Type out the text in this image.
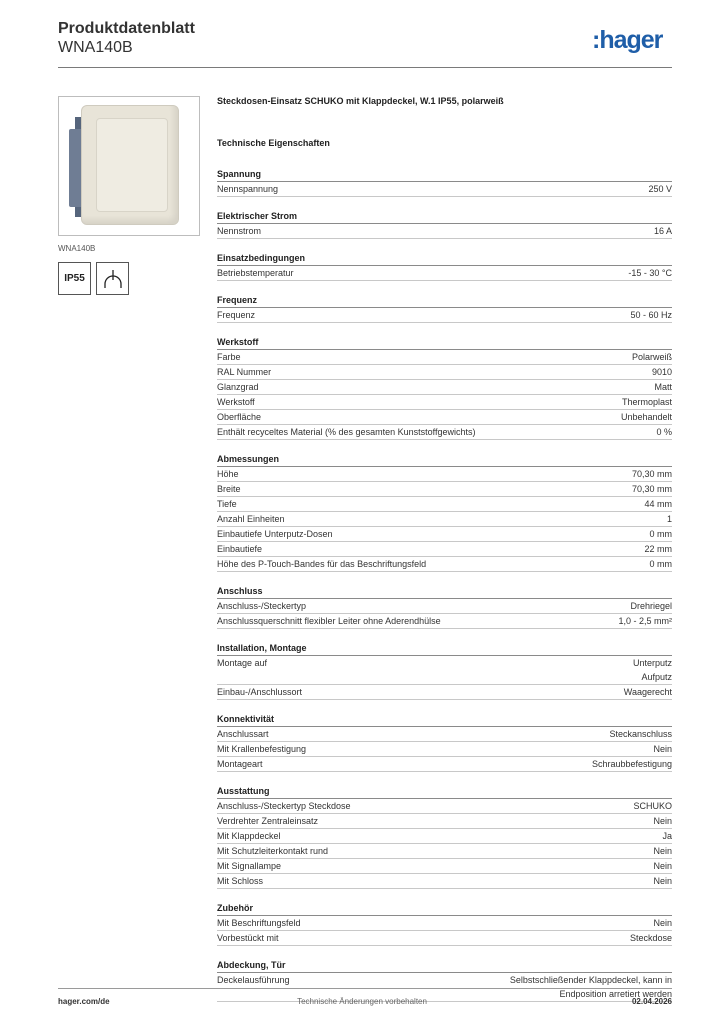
Produktdatenblatt
WNA140B	:hager
WNA140B
IP55
Steckdosen-Einsatz SCHUKO mit Klappdeckel, W.1 IP55, polarweiß
Technische Eigenschaften
Spannung
Nennspannung	250 V
Elektrischer Strom
Nennstrom	16 A
Einsatzbedingungen
Betriebstemperatur	-15 - 30 °C
Frequenz
Frequenz	50 - 60 Hz
Werkstoff
Farbe	Polarweiß
RAL Nummer	9010
Glanzgrad	Matt
Werkstoff	Thermoplast
Oberfläche	Unbehandelt
Enthält recyceltes Material (% des gesamten Kunststoffgewichts)	0 %
Abmessungen
Höhe	70,30 mm
Breite	70,30 mm
Tiefe	44 mm
Anzahl Einheiten	1
Einbautiefe Unterputz-Dosen	0 mm
Einbautiefe	22 mm
Höhe des P-Touch-Bandes für das Beschriftungsfeld	0 mm
Anschluss
Anschluss-/Steckertyp	Drehriegel
Anschlussquerschnitt flexibler Leiter ohne Aderendhülse	1,0 - 2,5 mm²
Installation, Montage
Montage auf	Unterputz
Aufputz
Einbau-/Anschlussort	Waagerecht
Konnektivität
Anschlussart	Steckanschluss
Mit Krallenbefestigung	Nein
Montageart	Schraubbefestigung
Ausstattung
Anschluss-/Steckertyp Steckdose	SCHUKO
Verdrehter Zentraleinsatz	Nein
Mit Klappdeckel	Ja
Mit Schutzleiterkontakt rund	Nein
Mit Signallampe	Nein
Mit Schloss	Nein
Zubehör
Mit Beschriftungsfeld	Nein
Vorbestückt mit	Steckdose
Abdeckung, Tür
Deckelausführung	Selbstschließender Klappdeckel, kann in
Endposition arretiert werden
hager.com/de	Technische Änderungen vorbehalten	02.04.2026
